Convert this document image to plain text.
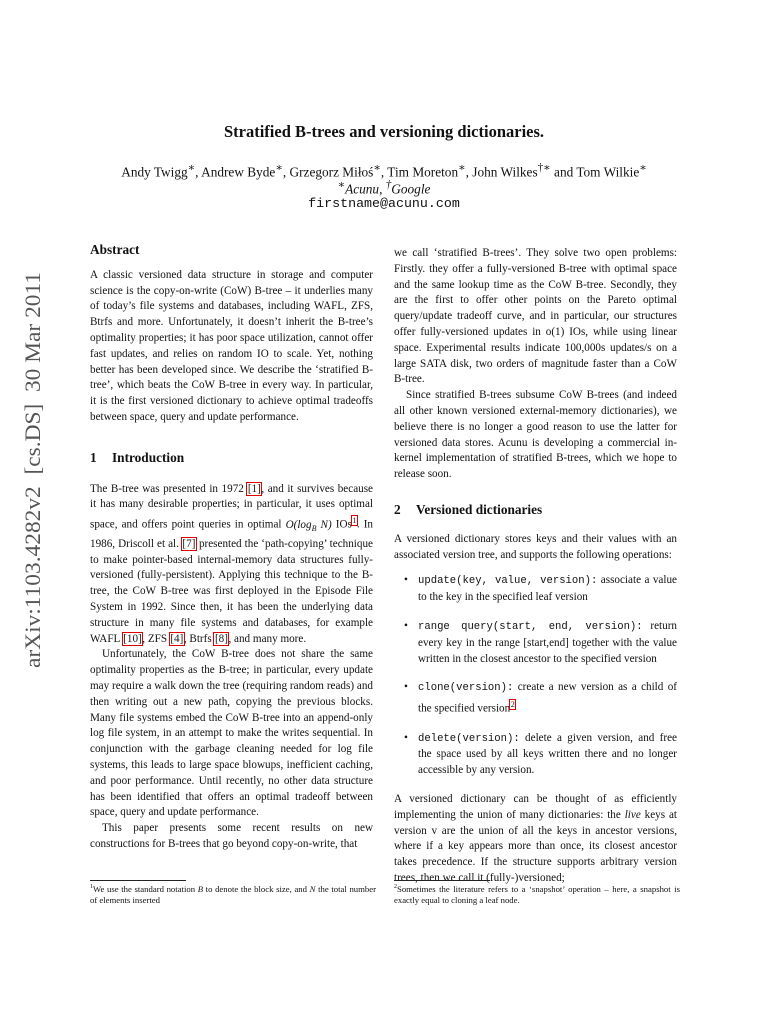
arXiv:1103.4282v2  [cs.DS]  30 Mar 2011
Stratified B-trees and versioning dictionaries.
Andy Twigg∗, Andrew Byde∗, Grzegorz Miłoś∗, Tim Moreton∗, John Wilkes†∗ and Tom Wilkie∗
∗Acunu, †Google
firstname@acunu.com
Abstract

A classic versioned data structure in storage and computer science is the copy-on-write (CoW) B-tree – it underlies many of today’s file systems and databases, including WAFL, ZFS, Btrfs and more. Unfortunately, it doesn’t inherit the B-tree’s optimality properties; it has poor space utilization, cannot offer fast updates, and relies on random IO to scale. Yet, nothing better has been developed since. We describe the ‘stratified B-tree’, which beats the CoW B-tree in every way. In particular, it is the first versioned dictionary to achieve optimal tradeoffs between space, query and update performance.

1 Introduction

The B-tree was presented in 1972 [1], and it survives because it has many desirable properties; in particular, it uses optimal space, and offers point queries in optimal $O(\log_B$ N) IOs$^1$. In 1986, Driscoll et al. [7] presented the ‘path-copying’ technique to make pointer-based internal-memory data structures fully-versioned (fully-persistent). Applying this technique to the B-tree, the CoW B-tree was first deployed in the Episode File System in 1992. Since then, it has been the underlying data structure in many file systems and databases, for example WAFL [10], ZFS [4], Btrfs [8], and many more.

Unfortunately, the CoW B-tree does not share the same optimality properties as the B-tree; in particular, every update may require a walk down the tree (requiring random reads) and then writing out a new path, copying the previous blocks. Many file systems embed the CoW B-tree into an append-only log file system, in an attempt to make the writes sequential. In conjunction with the garbage cleaning needed for log file systems, this leads to large space blowups, inefficient caching, and poor performance. Until recently, no other data structure has been identified that offers an optimal tradeoff between space, query and update performance.

This paper presents some recent results on new constructions for B-trees that go beyond copy-on-write, that

we call ‘stratified B-trees’. They solve two open problems: Firstly. they offer a fully-versioned B-tree with optimal space and the same lookup time as the CoW B-tree. Secondly, they are the first to offer other points on the Pareto optimal query/update tradeoff curve, and in particular, our structures offer fully-versioned updates in o(1) IOs, while using linear space. Experimental results indicate 100,000s updates/s on a large SATA disk, two orders of magnitude faster than a CoW B-tree.

Since stratified B-trees subsume CoW B-trees (and indeed all other known versioned external-memory dictionaries), we believe there is no longer a good reason to use the latter for versioned data stores. Acunu is developing a commercial in-kernel implementation of stratified B-trees, which we hope to release soon.

2 Versioned dictionaries

A versioned dictionary stores keys and their values with an associated version tree, and supports the following operations:

• update(key, value, version): associate a value to the key in the specified leaf version
• range query(start, end, version): return every key in the range [start,end] together with the value written in the closest ancestor to the specified version
• clone(version): create a new version as a child of the specified version$^2$
• delete(version): delete a given version, and free the space used by all keys written there and no longer accessible by any version.

A versioned dictionary can be thought of as efficiently implementing the union of many dictionaries: the live keys at version v are the union of all the keys in ancestor versions, where if a key appears more than once, its closest ancestor takes precedence. If the structure supports arbitrary version trees, then we call it (fully-)versioned;

$^1$We use the standard notation B to denote the block size, and N the total number of elements inserted
$^2$Sometimes the literature refers to a ‘snapshot’ operation – here, a snapshot is exactly equal to cloning a leaf node.
